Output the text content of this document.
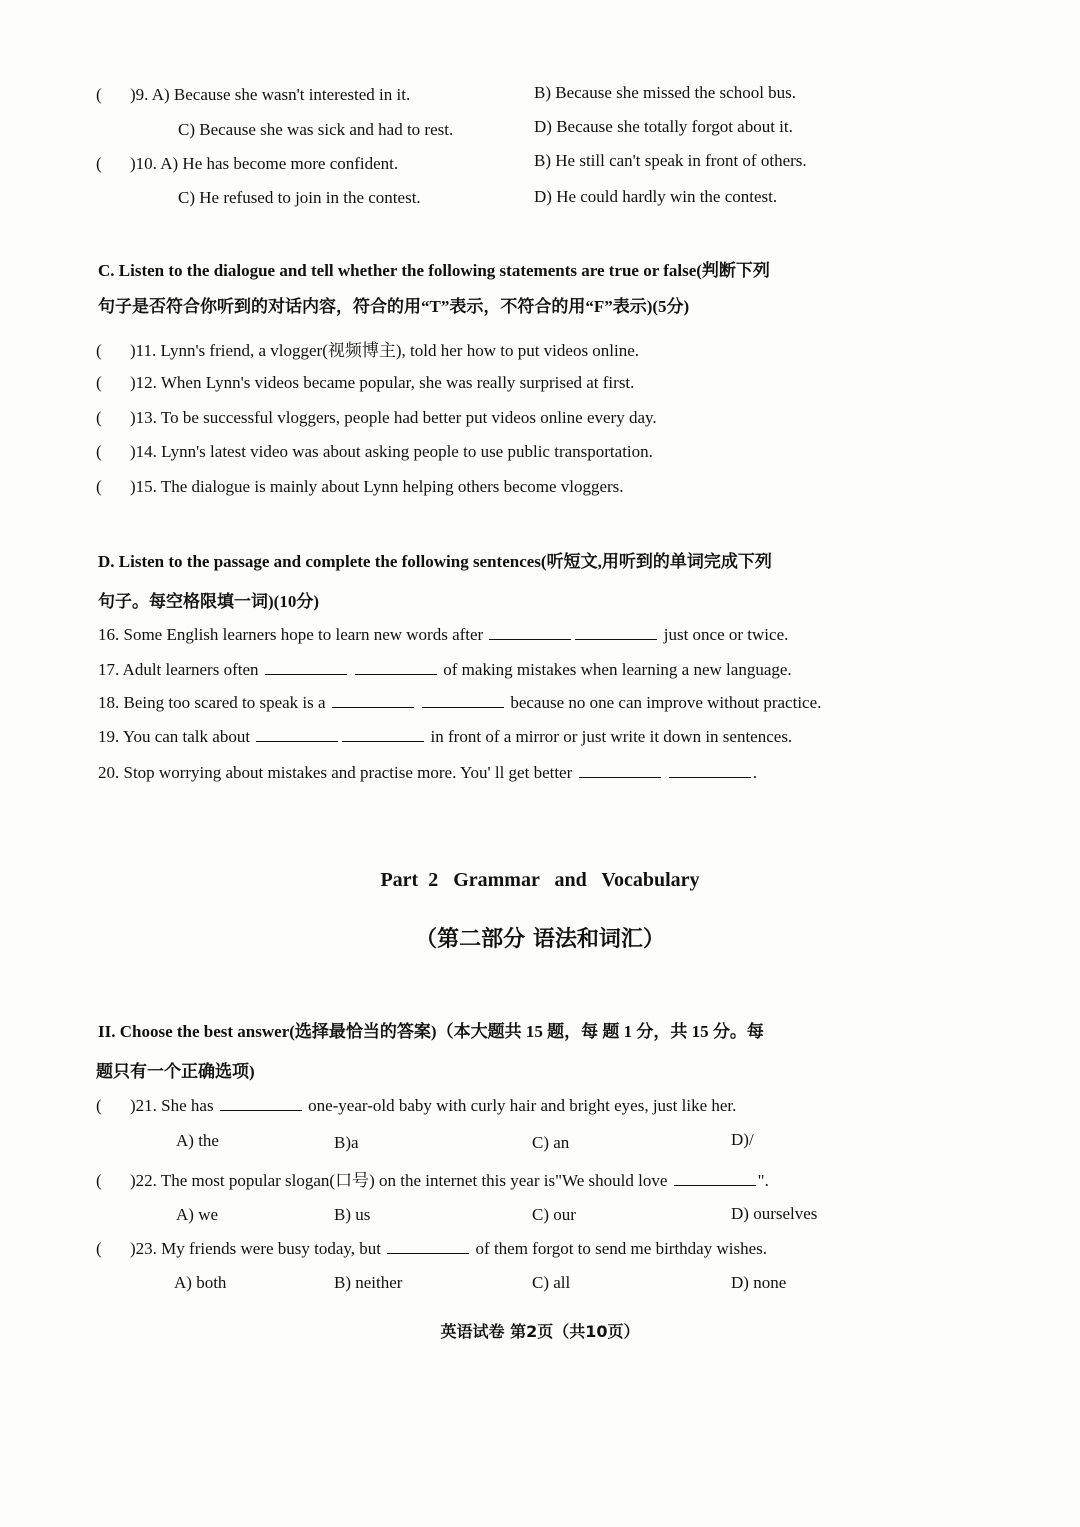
( )9. A) Because she wasn't interested in it.	B) Because she missed the school bus.
C) Because she was sick and had to rest.	D) Because she totally forgot about it.
( )10. A) He has become more confident.	B) He still can't speak in front of others.
C) He refused to join in the contest.	D) He could hardly win the contest.
C. Listen to the dialogue and tell whether the following statements are true or false(判断下列
句子是否符合你听到的对话内容，符合的用“T”表示，不符合的用“F”表示)(5分)
( )11. Lynn's friend, a vlogger(视频博主), told her how to put videos online.
( )12. When Lynn's videos became popular, she was really surprised at first.
( )13. To be successful vloggers, people had better put videos online every day.
( )14. Lynn's latest video was about asking people to use public transportation.
( )15. The dialogue is mainly about Lynn helping others become vloggers.
D. Listen to the passage and complete the following sentences(听短文,用听到的单词完成下列
句子。每空格限填一词)(10分)
16. Some English learners hope to learn new words after	just once or twice.
17. Adult learners often	of making mistakes when learning a new language.
18. Being too scared to speak is a	because no one can improve without practice.
19. You can talk about	in front of a mirror or just write it down in sentences.
20. Stop worrying about mistakes and practise more. You' ll get better	.
Part  2   Grammar   and   Vocabulary
（第二部分 语法和词汇）
II. Choose the best answer(选择最恰当的答案)（本大题共 15 题，每 题 1 分，共 15 分。每
题只有一个正确选项)
( )21. She has	one-year-old baby with curly hair and bright eyes, just like her.
A) the	B)a	C) an	D)/
( )22. The most popular slogan(口号) on the internet this year is"We should love	".
A) we	B) us	C) our	D) ourselves
( )23. My friends were busy today, but	of them forgot to send me birthday wishes.
A) both	B) neither	C) all	D) none
英语试卷 第2页（共10页）
